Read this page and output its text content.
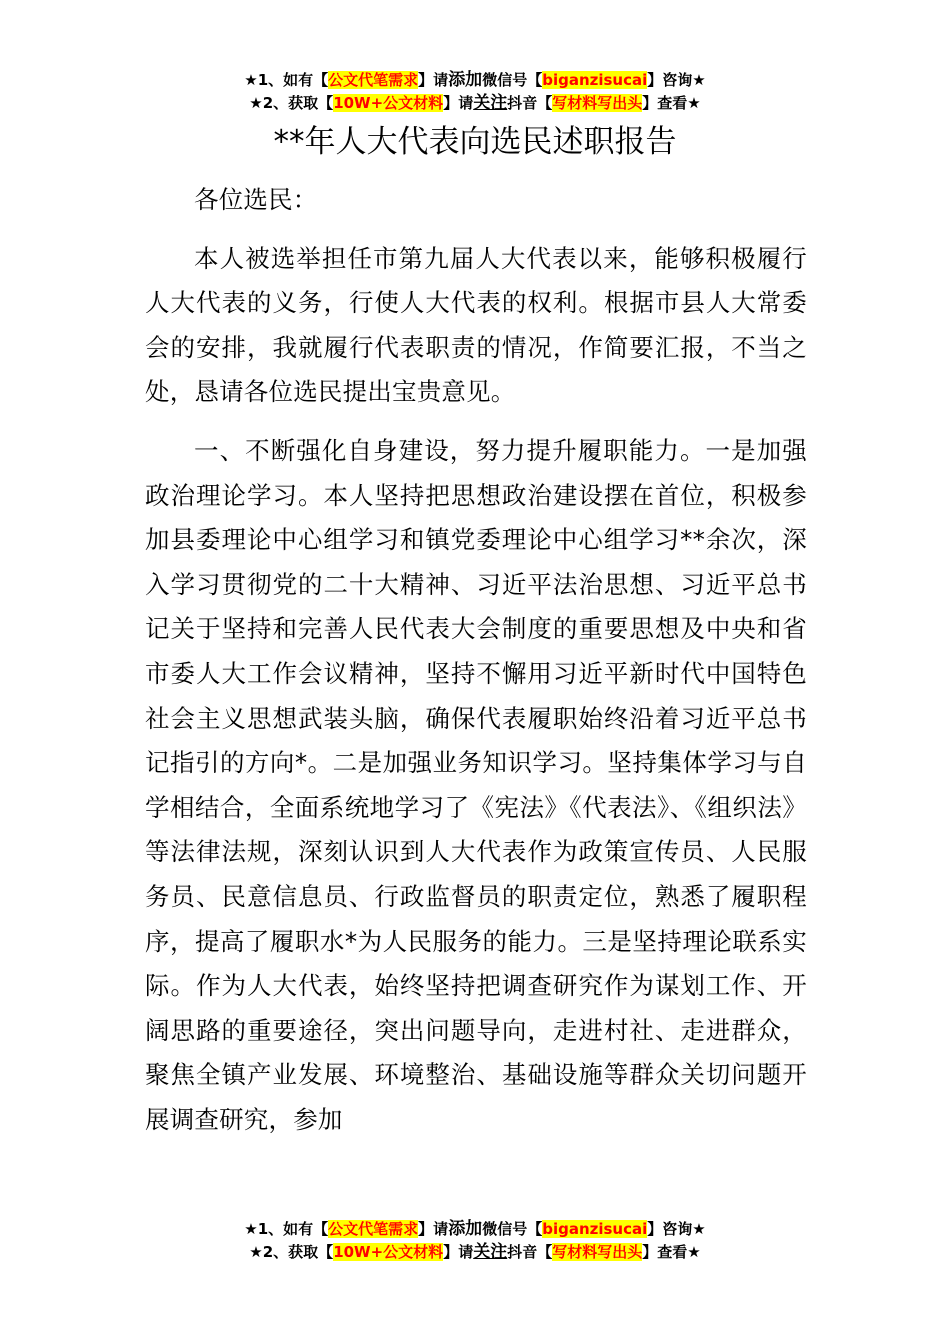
★1、如有【公文代笔需求】请添加微信号【biganzisucai】咨询★
★2、获取【10W+公文材料】请关注抖音【写材料写出头】查看★
**年人大代表向选民述职报告

各位选民：

本人被选举担任市第九届人大代表以来，能够积极履行人大代表的义务，行使人大代表的权利。根据市县人大常委会的安排，我就履行代表职责的情况，作简要汇报，不当之处，恳请各位选民提出宝贵意见。

一、不断强化自身建设，努力提升履职能力。一是加强政治理论学习。本人坚持把思想政治建设摆在首位，积极参加县委理论中心组学习和镇党委理论中心组学习**余次，深入学习贯彻党的二十大精神、习近平法治思想、习近平总书记关于坚持和完善人民代表大会制度的重要思想及中央和省市委人大工作会议精神，坚持不懈用习近平新时代中国特色社会主义思想武装头脑，确保代表履职始终沿着习近平总书记指引的方向*。二是加强业务知识学习。坚持集体学习与自学相结合，全面系统地学习了《宪法》《代表法》、《组织法》等法律法规，深刻认识到人大代表作为政策宣传员、人民服务员、民意信息员、行政监督员的职责定位，熟悉了履职程序，提高了履职水*为人民服务的能力。三是坚持理论联系实际。作为人大代表，始终坚持把调查研究作为谋划工作、开阔思路的重要途径，突出问题导向，走进村社、走进群众，聚焦全镇产业发展、环境整治、基础设施等群众关切问题开展调查研究，参加

★1、如有【公文代笔需求】请添加微信号【biganzisucai】咨询★
★2、获取【10W+公文材料】请关注抖音【写材料写出头】查看★
